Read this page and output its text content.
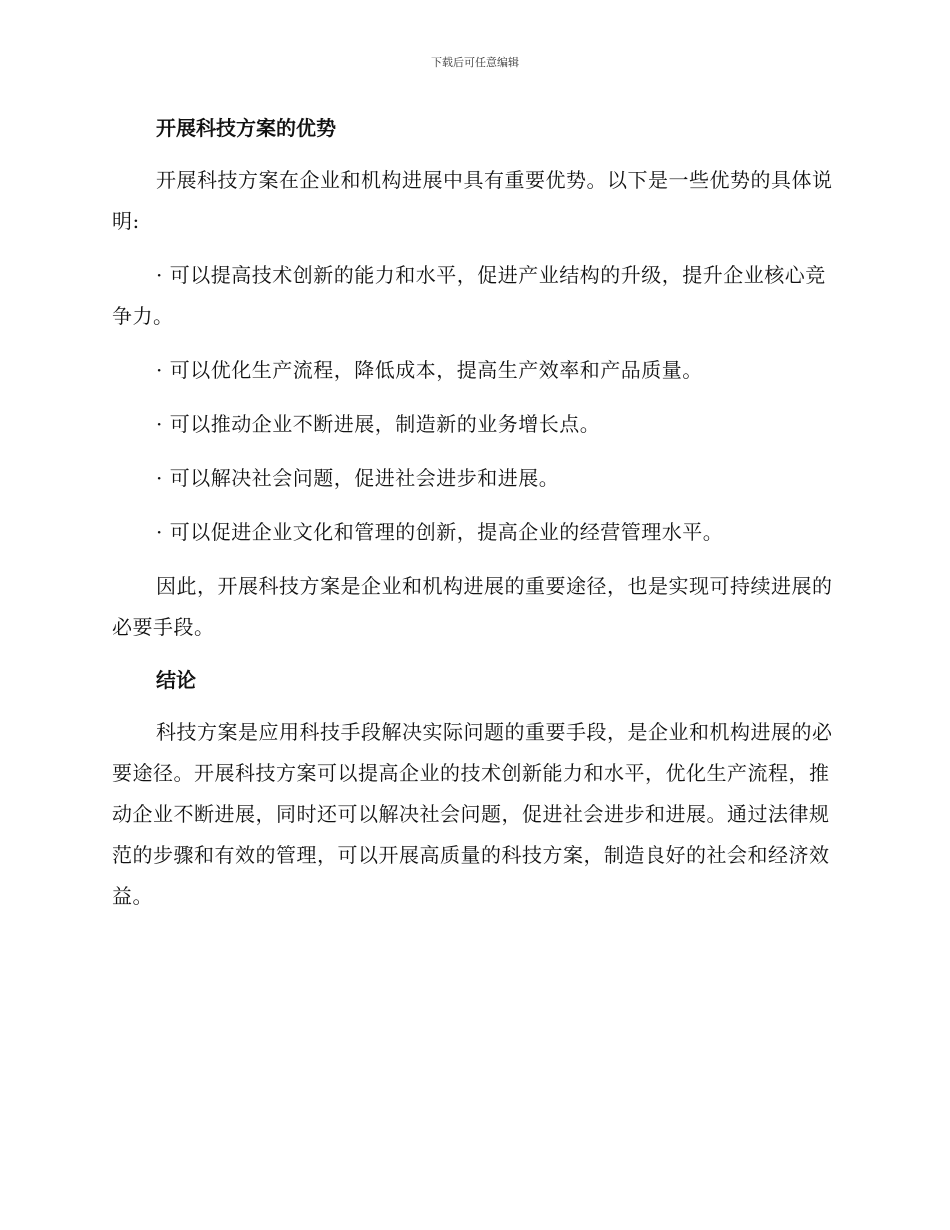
下载后可任意编辑
开展科技方案的优势

开展科技方案在企业和机构进展中具有重要优势。以下是一些优势的具体说明:

· 可以提高技术创新的能力和水平，促进产业结构的升级，提升企业核心竞争力。

· 可以优化生产流程，降低成本，提高生产效率和产品质量。

· 可以推动企业不断进展，制造新的业务增长点。

· 可以解决社会问题，促进社会进步和进展。

· 可以促进企业文化和管理的创新，提高企业的经营管理水平。

因此，开展科技方案是企业和机构进展的重要途径，也是实现可持续进展的必要手段。

结论

科技方案是应用科技手段解决实际问题的重要手段，是企业和机构进展的必要途径。开展科技方案可以提高企业的技术创新能力和水平，优化生产流程，推动企业不断进展，同时还可以解决社会问题，促进社会进步和进展。通过法律规范的步骤和有效的管理，可以开展高质量的科技方案，制造良好的社会和经济效益。
